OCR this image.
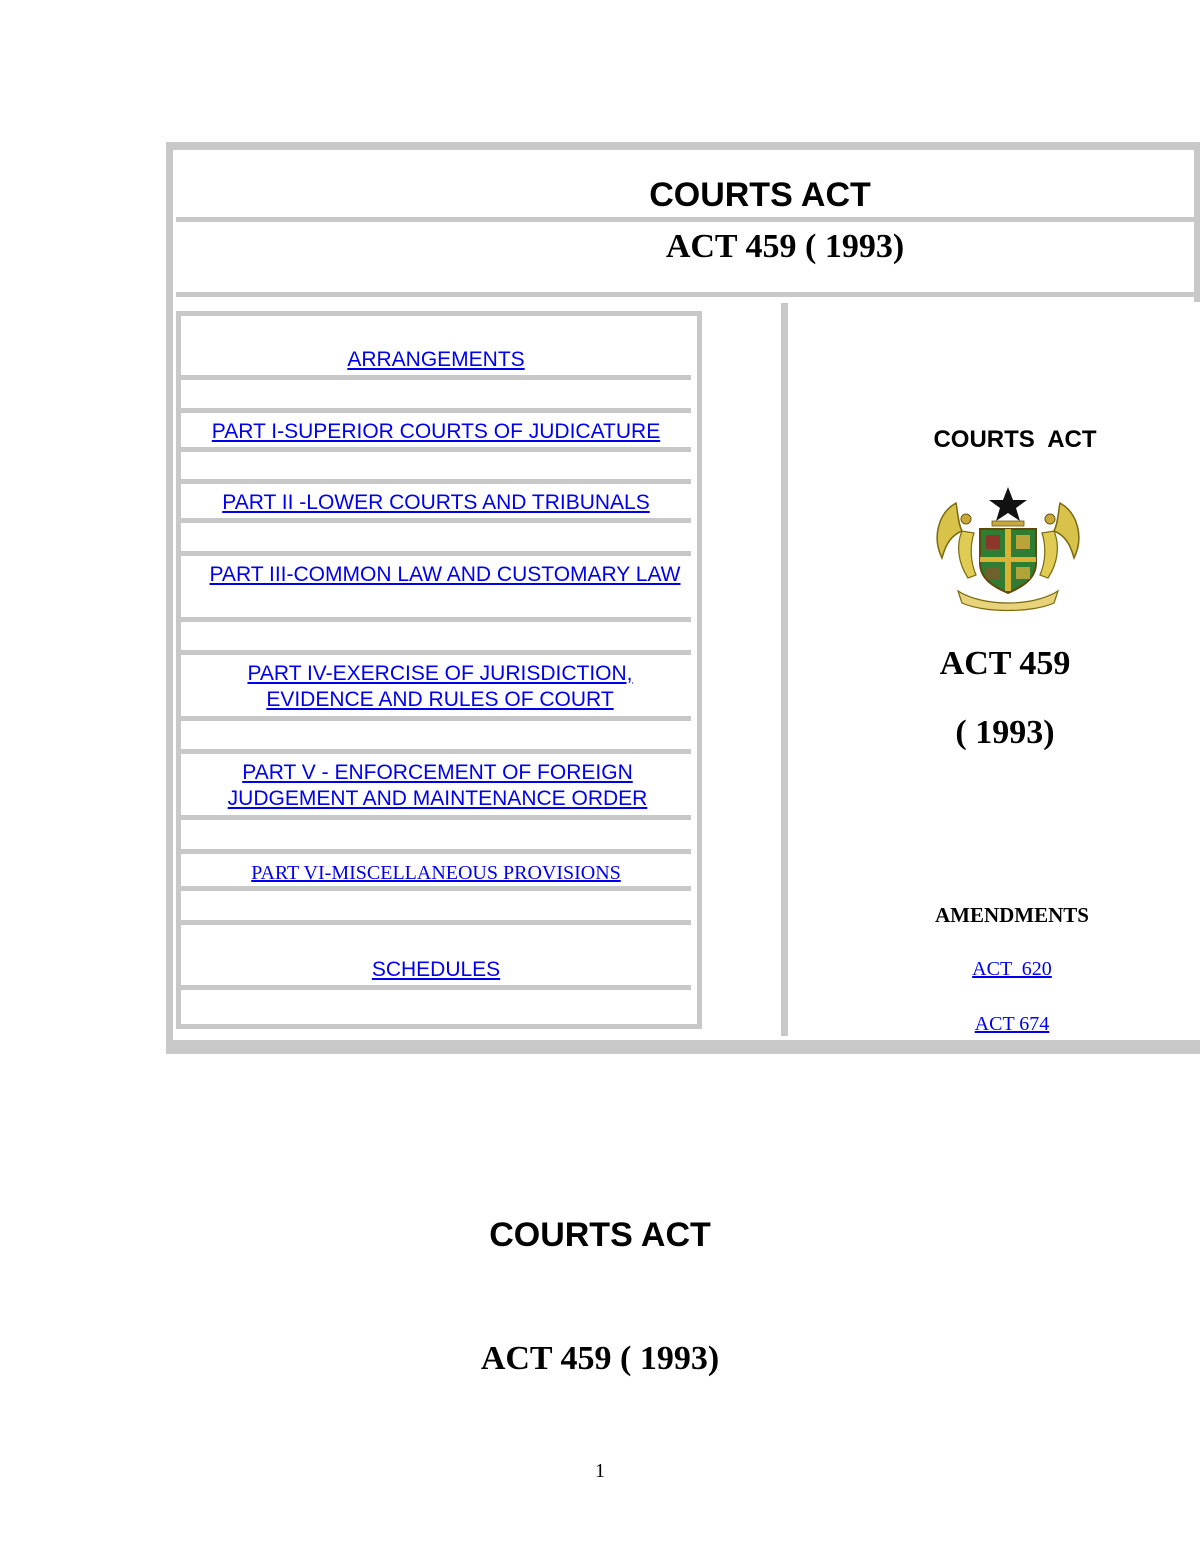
COURTS ACT
ACT 459 ( 1993)
ARRANGEMENTS
PART I-SUPERIOR COURTS OF JUDICATURE
PART II -LOWER COURTS AND TRIBUNALS
PART III-COMMON LAW AND CUSTOMARY LAW
PART IV-EXERCISE OF JURISDICTION, EVIDENCE AND RULES OF COURT
PART V - ENFORCEMENT OF FOREIGN JUDGEMENT AND MAINTENANCE ORDER
PART VI-MISCELLANEOUS PROVISIONS
SCHEDULES
COURTS  ACT
ACT 459
( 1993)
AMENDMENTS
ACT  620
ACT 674
COURTS ACT
ACT 459 ( 1993)
1
